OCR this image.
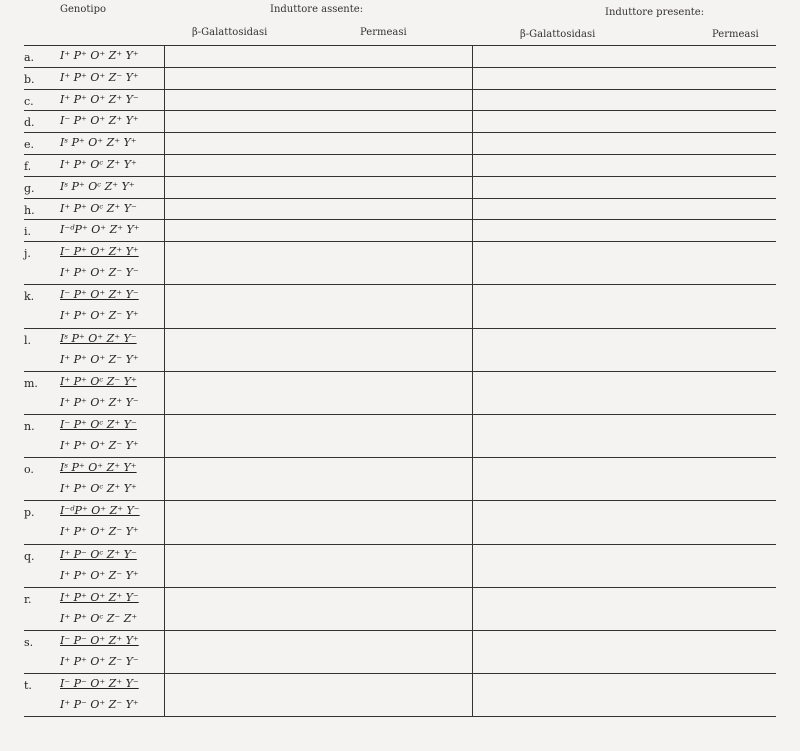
Genotipo	Induttore assente:	Induttore presente:
β-Galattosidasi	Permeasi	β-Galattosidasi	Permeasi
a. I⁺ P⁺ O⁺ Z⁺ Y⁺
b. I⁺ P⁺ O⁺ Z⁻ Y⁺
c. I⁺ P⁺ O⁺ Z⁺ Y⁻
d. I⁻ P⁺ O⁺ Z⁺ Y⁺
e. Iˢ P⁺ O⁺ Z⁺ Y⁺
f.	I⁺ P⁺ Oᶜ Z⁺ Y⁺
g. Iˢ P⁺ Oᶜ Z⁺ Y⁺
h. I⁺ P⁺ Oᶜ Z⁺ Y⁻
i.	I⁻ᵈP⁺ O⁺ Z⁺ Y⁺
j.	I⁻ P⁺ O⁺ Z⁺ Y⁺
I⁺ P⁺ O⁺ Z⁻ Y⁻
k. I⁻ P⁺ O⁺ Z⁺ Y⁻
I⁺ P⁺ O⁺ Z⁻ Y⁺
l.	Iˢ P⁺ O⁺ Z⁺ Y⁻
I⁺ P⁺ O⁺ Z⁻ Y⁺
m. I⁺ P⁺ Oᶜ Z⁻ Y⁺
I⁺ P⁺ O⁺ Z⁺ Y⁻
n. I⁻ P⁺ Oᶜ Z⁺ Y⁻
I⁺ P⁺ O⁺ Z⁻ Y⁺
o. Iˢ P⁺ O⁺ Z⁺ Y⁺
I⁺ P⁺ Oᶜ Z⁺ Y⁺
p. I⁻ᵈP⁺ O⁺ Z⁺ Y⁻
I⁺ P⁺ O⁺ Z⁻ Y⁺
q. I⁺ P⁻ Oᶜ Z⁺ Y⁻
I⁺ P⁺ O⁺ Z⁻ Y⁺
r.	I⁺ P⁺ O⁺ Z⁺ Y⁻
I⁺ P⁺ Oᶜ Z⁻ Z⁺
s. I⁻ P⁻ O⁺ Z⁺ Y⁺
I⁺ P⁺ O⁺ Z⁻ Y⁻
t.	I⁻ P⁻ O⁺ Z⁺ Y⁻
I⁺ P⁻ O⁺ Z⁻ Y⁺
